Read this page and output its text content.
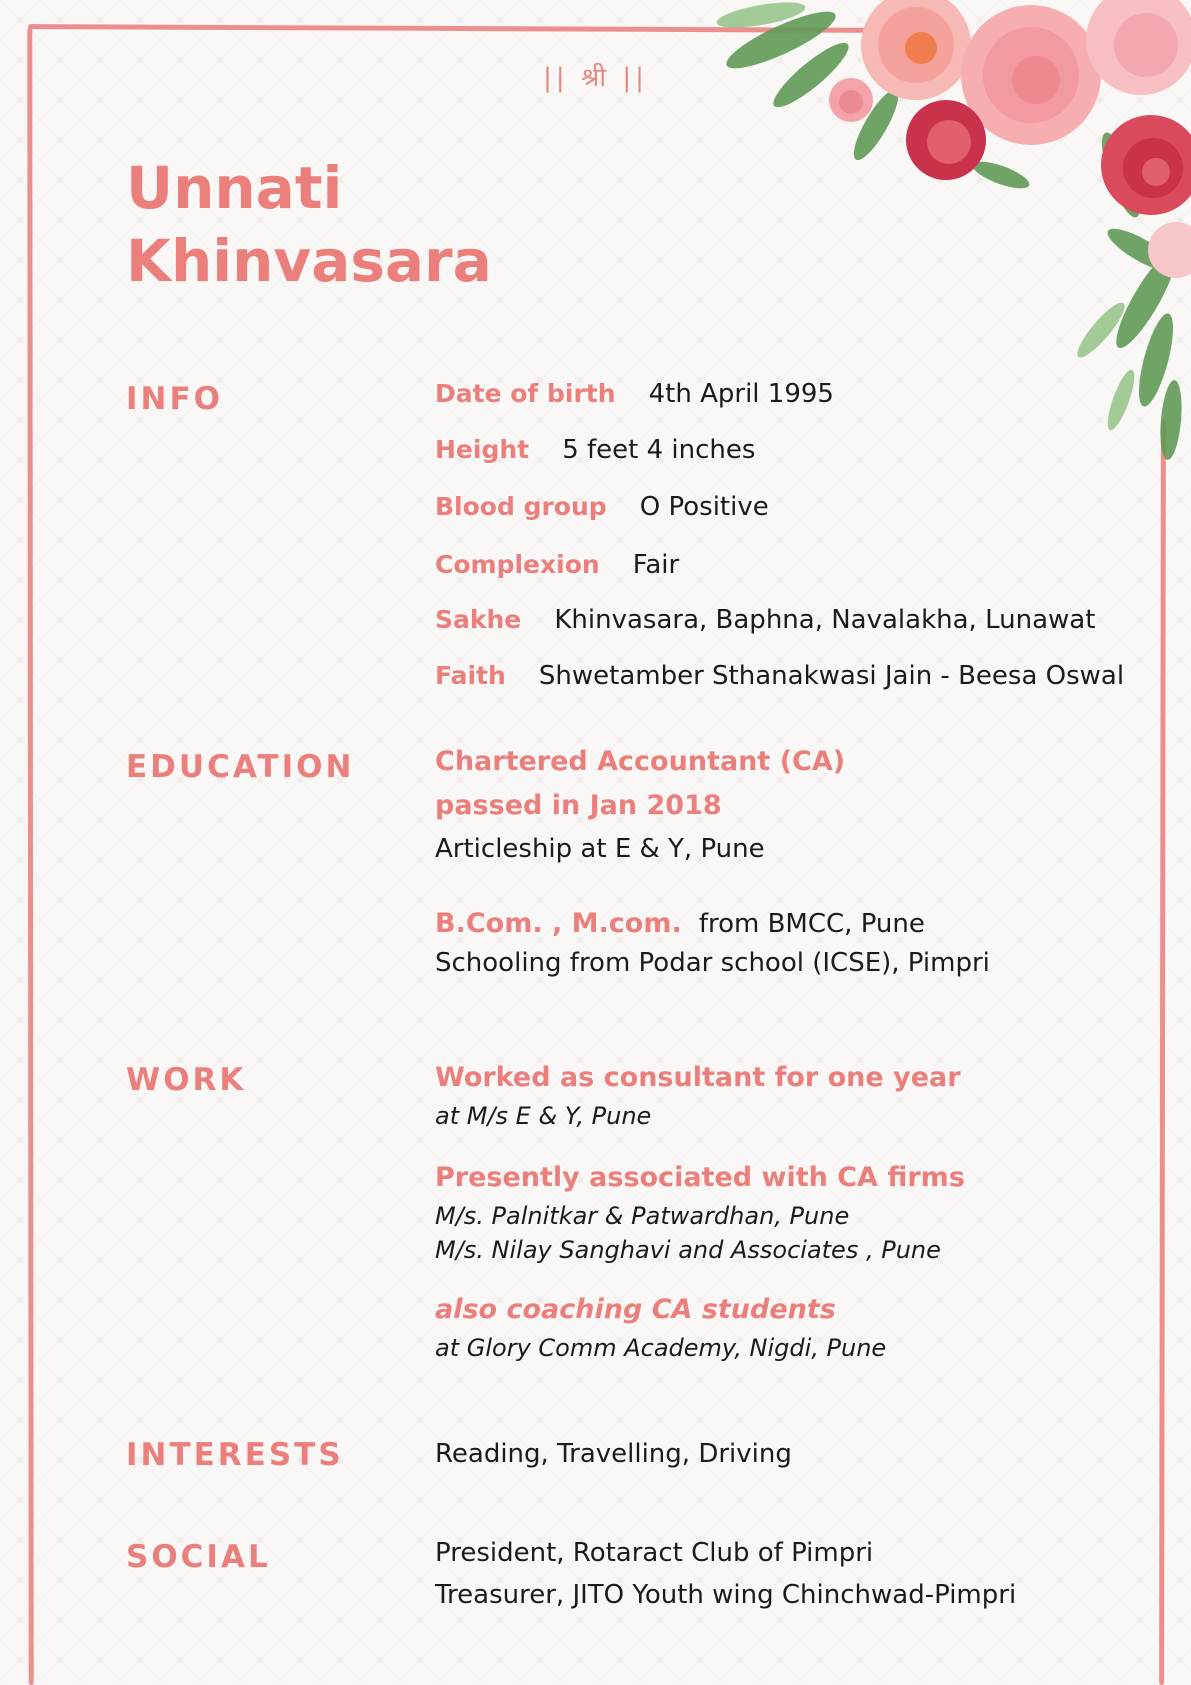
|| श्री ||
Unnati
Khinvasara
INFO	Date of birth 4th April 1995
Height 5 feet 4 inches
Blood group O Positive
Complexion Fair
Sakhe Khinvasara, Baphna, Navalakha, Lunawat
Faith Shwetamber Sthanakwasi Jain - Beesa Oswal
EDUCATION	Chartered Accountant (CA)
passed in Jan 2018
Articleship at E & Y, Pune
B.Com. , M.com. from BMCC, Pune
Schooling from Podar school (ICSE), Pimpri
WORK	Worked as consultant for one year
at M/s E & Y, Pune
Presently associated with CA firms
M/s. Palnitkar & Patwardhan, Pune
M/s. Nilay Sanghavi and Associates , Pune
also coaching CA students
at Glory Comm Academy, Nigdi, Pune
INTERESTS	Reading, Travelling, Driving
SOCIAL	President, Rotaract Club of Pimpri
Treasurer, JITO Youth wing Chinchwad-Pimpri
